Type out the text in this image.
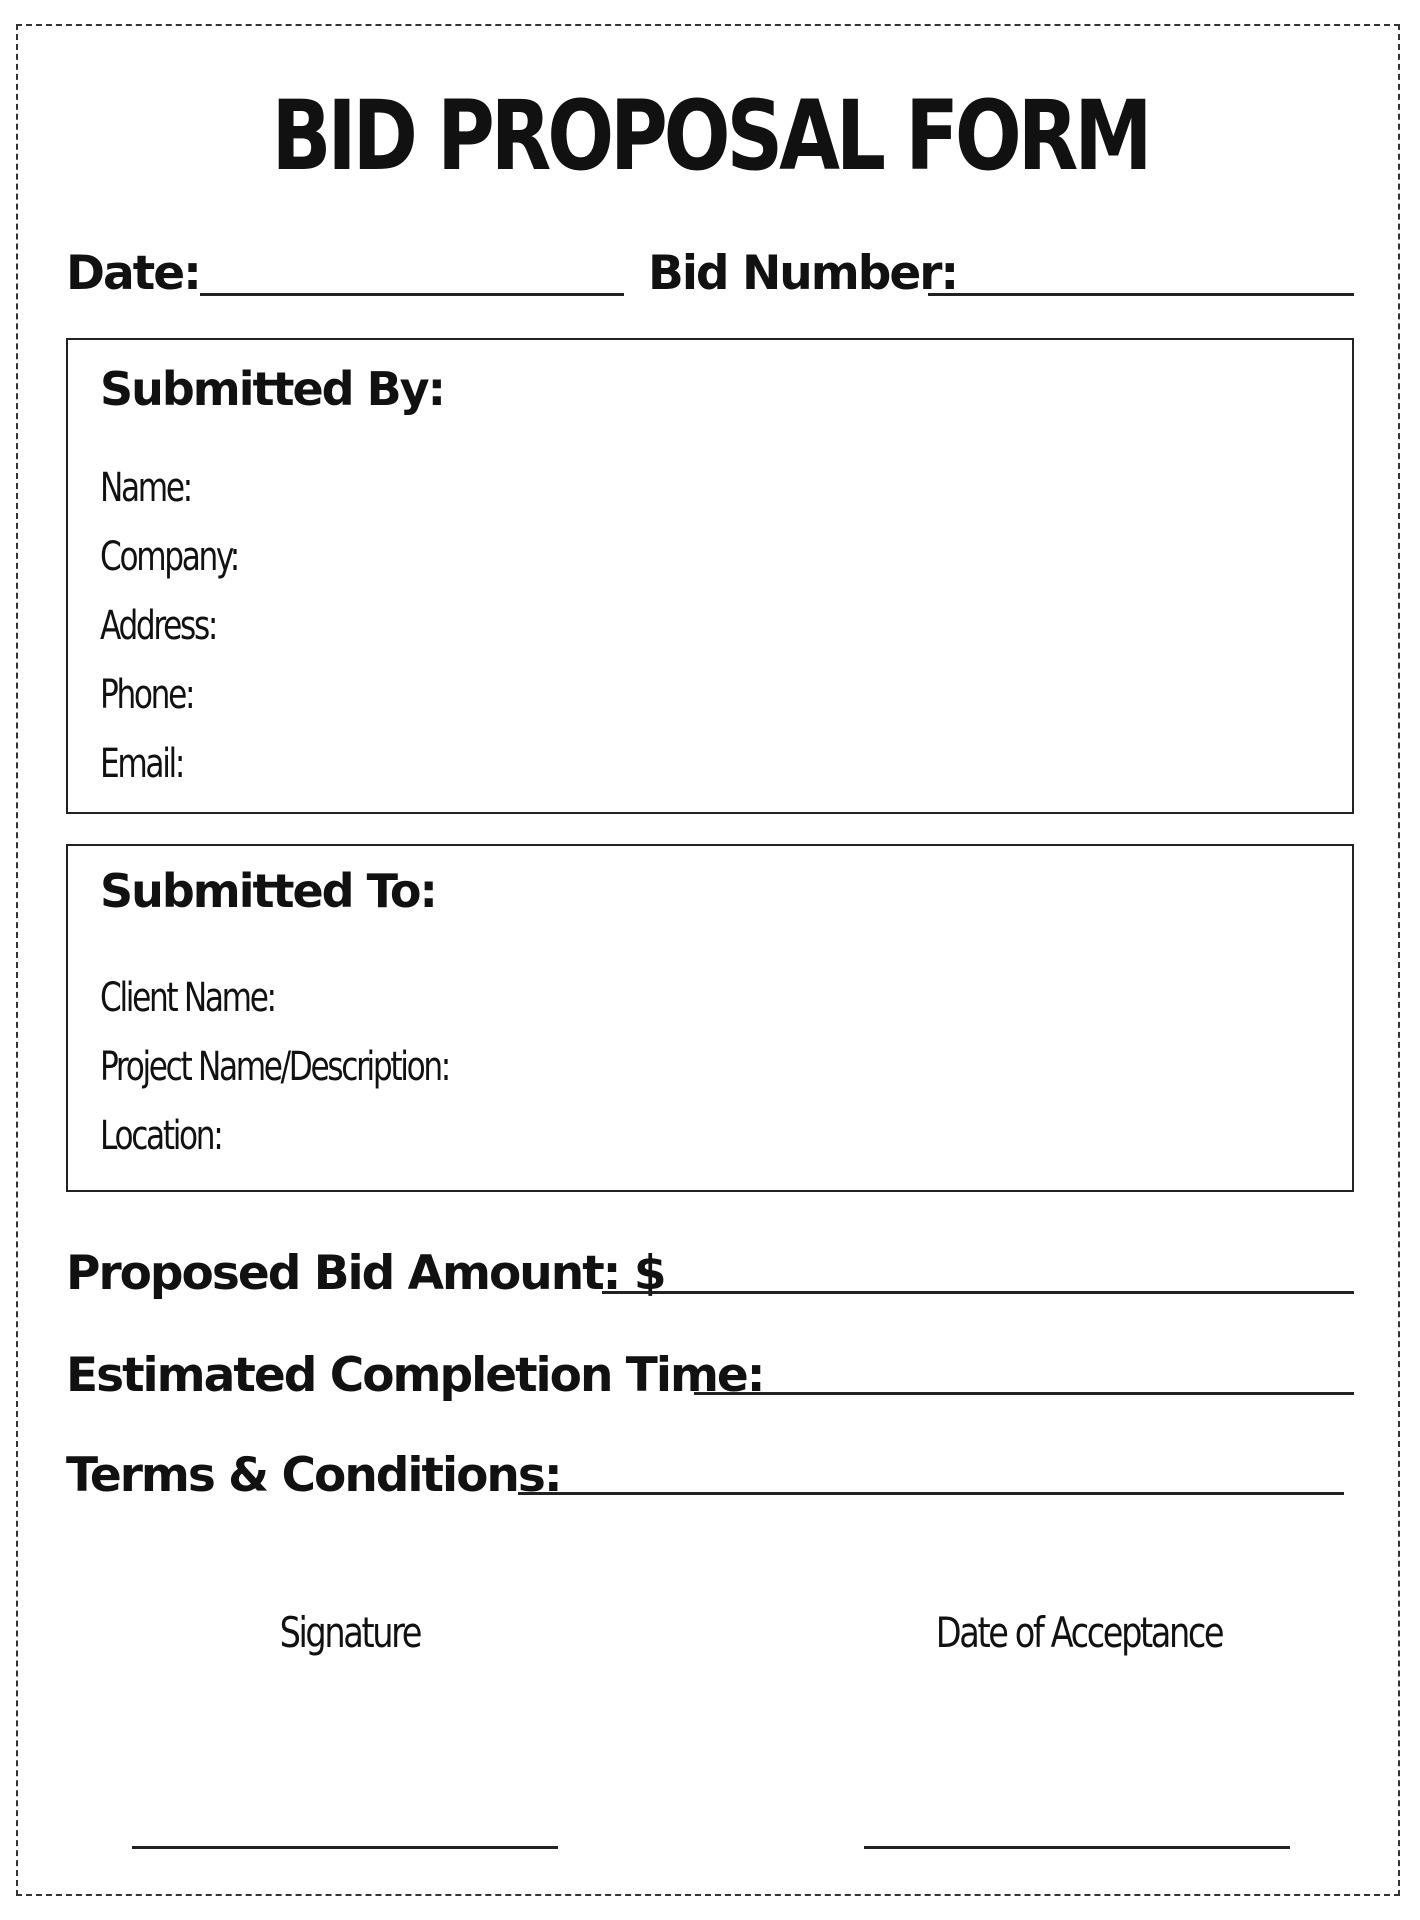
BID PROPOSAL FORM
Date:	Bid Number:
Submitted By:
Name:
Company:
Address:
Phone:
Email:
Submitted To:
Client Name:
Project Name/Description:
Location:
Proposed Bid Amount: $
Estimated Completion Time:
Terms & Conditions:
Signature	Date of Acceptance
